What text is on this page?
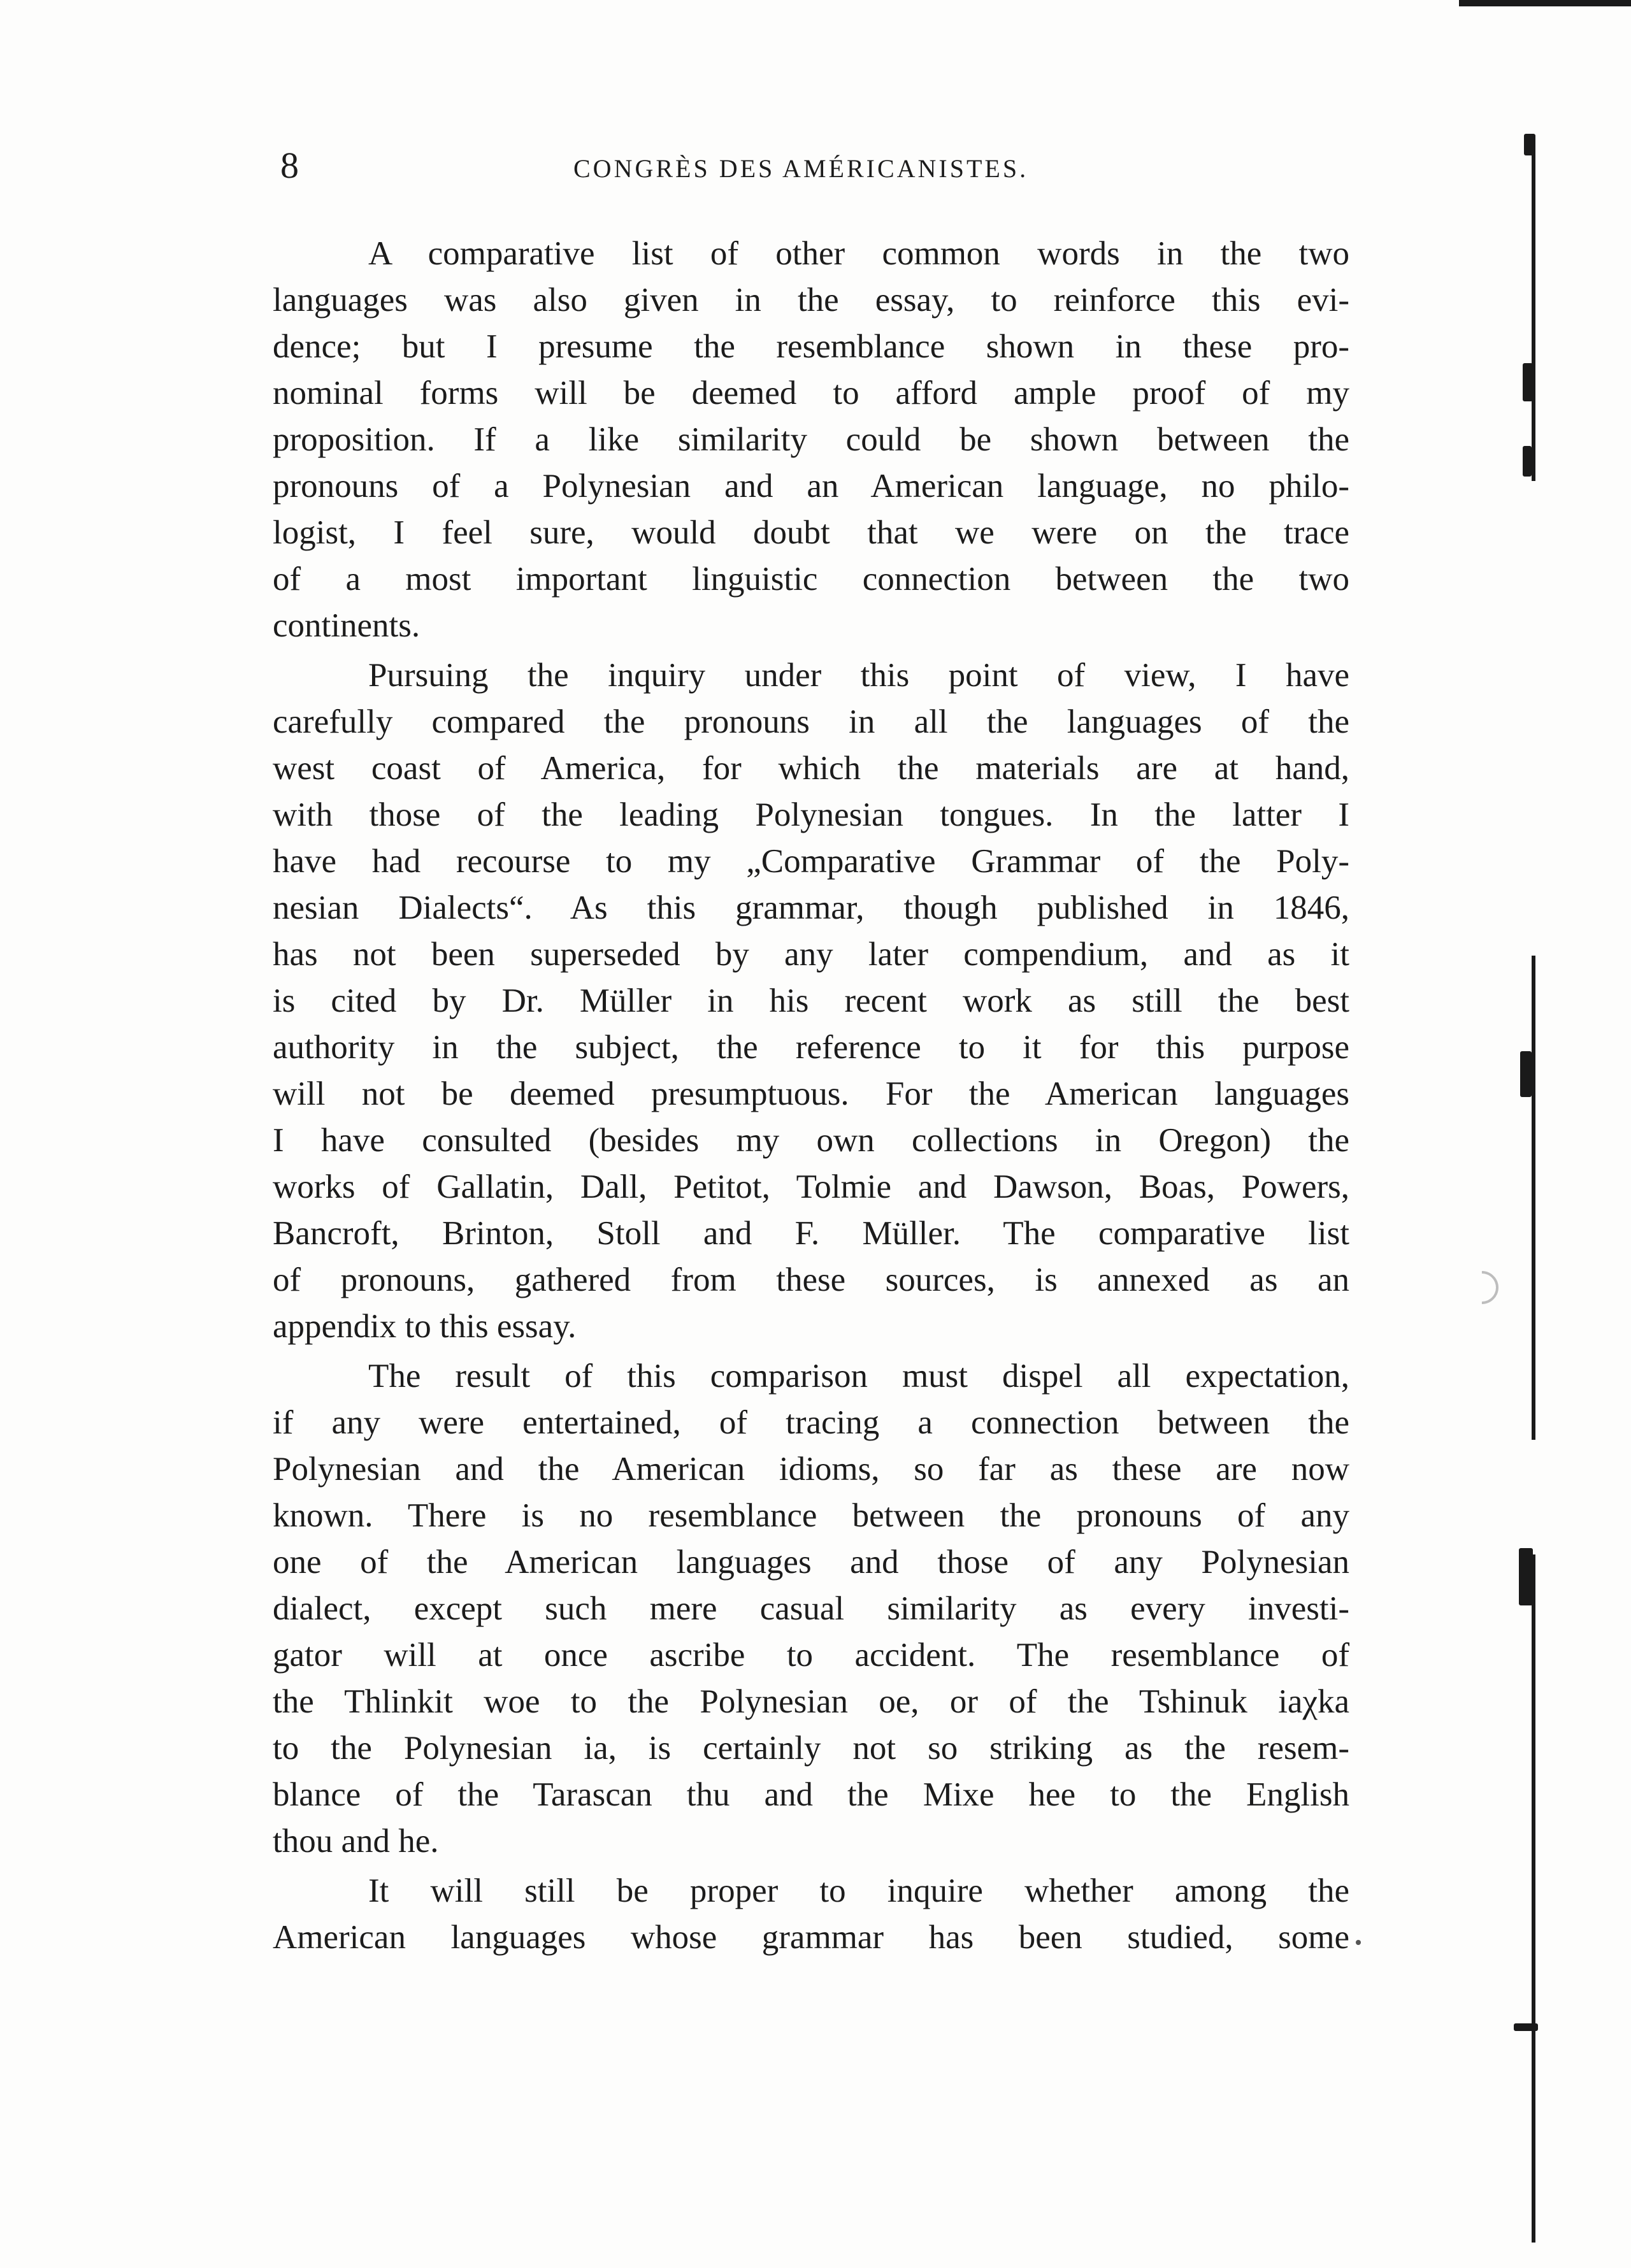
8	CONGRÈS DES AMÉRICANISTES.
A comparative list of other common words in the two
languages was also given in the essay, to reinforce this evi-
dence; but I presume the resemblance shown in these pro-
nominal forms will be deemed to afford ample proof of my
proposition. If a like similarity could be shown between the
pronouns of a Polynesian and an American language, no philo-
logist, I feel sure, would doubt that we were on the trace
of a most important linguistic connection between the two
continents.
Pursuing the inquiry under this point of view, I have
carefully compared the pronouns in all the languages of the
west coast of America, for which the materials are at hand,
with those of the leading Polynesian tongues. In the latter I
have had recourse to my „Comparative Grammar of the Poly-
nesian Dialects“. As this grammar, though published in 1846,
has not been superseded by any later compendium, and as it
is cited by Dr. Müller in his recent work as still the best
authority in the subject, the reference to it for this purpose
will not be deemed presumptuous. For the American languages
I have consulted (besides my own collections in Oregon) the
works of Gallatin, Dall, Petitot, Tolmie and Dawson, Boas, Powers,
Bancroft, Brinton, Stoll and F. Müller. The comparative list
of pronouns, gathered from these sources, is annexed as an
appendix to this essay.
The result of this comparison must dispel all expectation,
if any were entertained, of tracing a connection between the
Polynesian and the American idioms, so far as these are now
known. There is no resemblance between the pronouns of any
one of the American languages and those of any Polynesian
dialect, except such mere casual similarity as every investi-
gator will at once ascribe to accident. The resemblance of
the Thlinkit woe to the Polynesian oe, or of the Tshinuk iaχka
to the Polynesian ia, is certainly not so striking as the resem-
blance of the Tarascan thu and the Mixe hee to the English
thou and he.
It will still be proper to inquire whether among the
American languages whose grammar has been studied, some
